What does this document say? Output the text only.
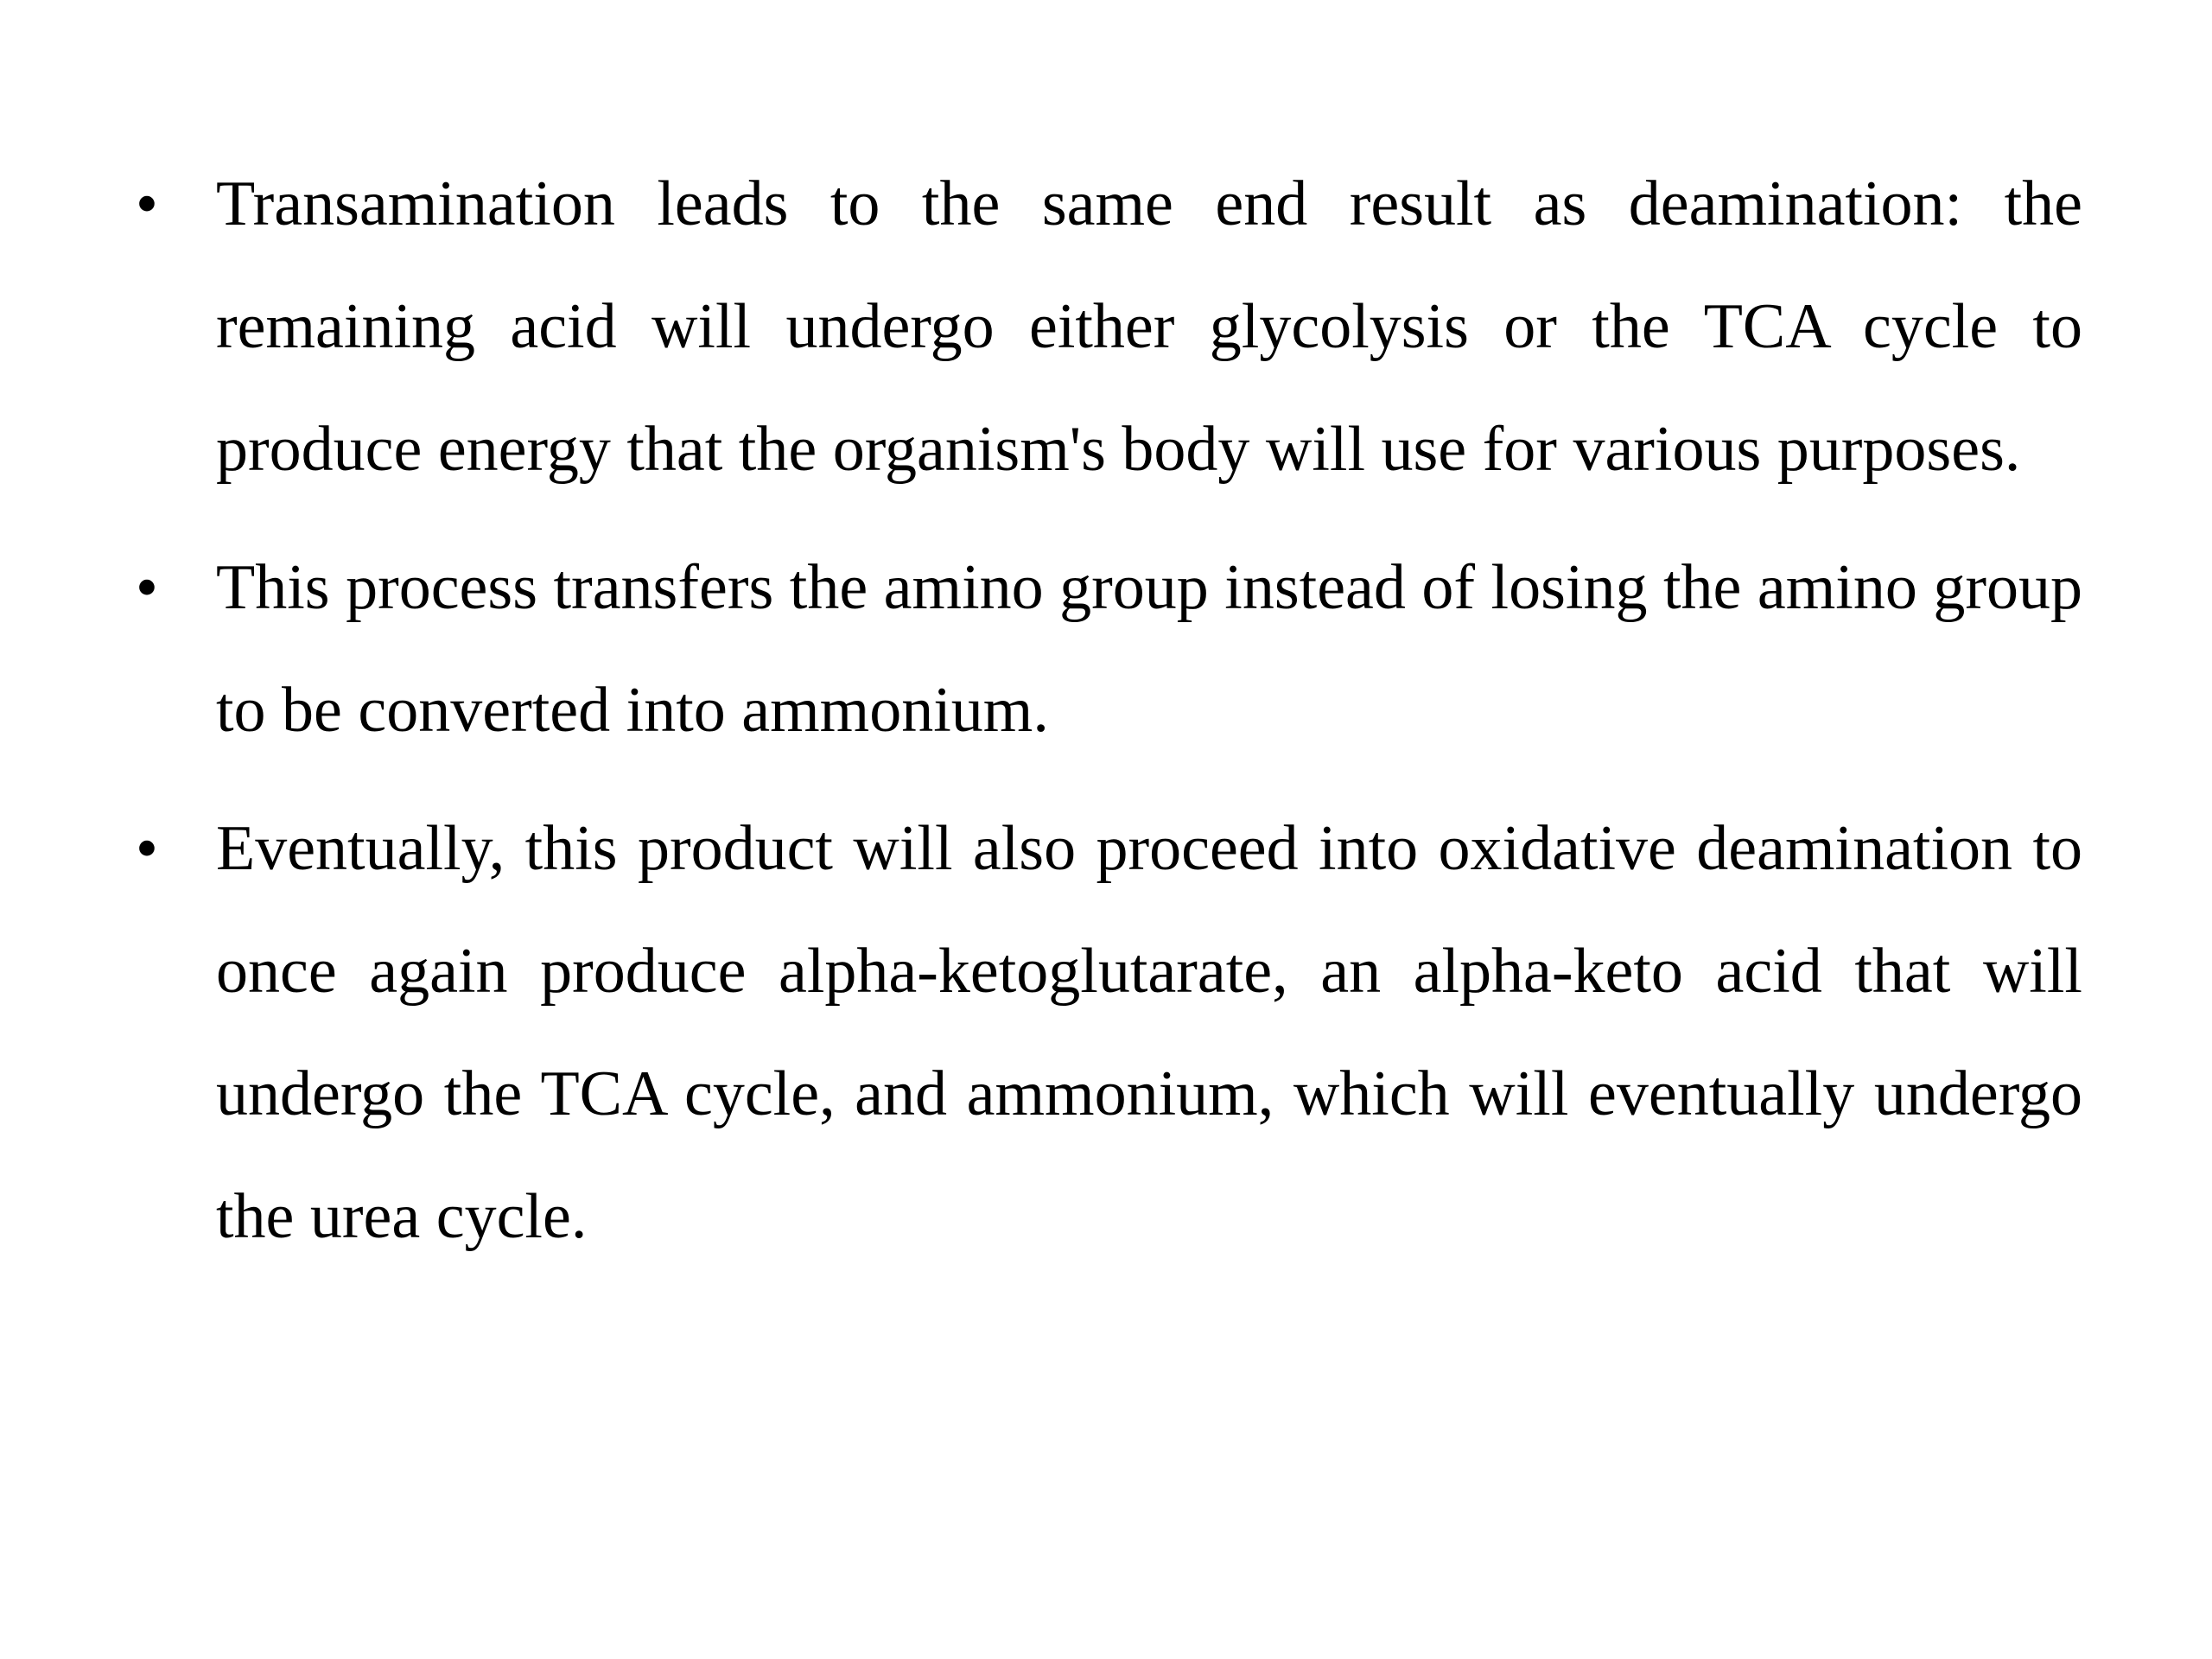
• Transamination leads to the same end result as deamination: the remaining acid will undergo either glycolysis or the TCA cycle to produce energy that the organism's body will use for various purposes.
• This process transfers the amino group instead of losing the amino group to be converted into ammonium.
• Eventually, this product will also proceed into oxidative deamination to once again produce alpha-ketoglutarate, an alpha-keto acid that will undergo the TCA cycle, and ammonium, which will eventually undergo the urea cycle.
